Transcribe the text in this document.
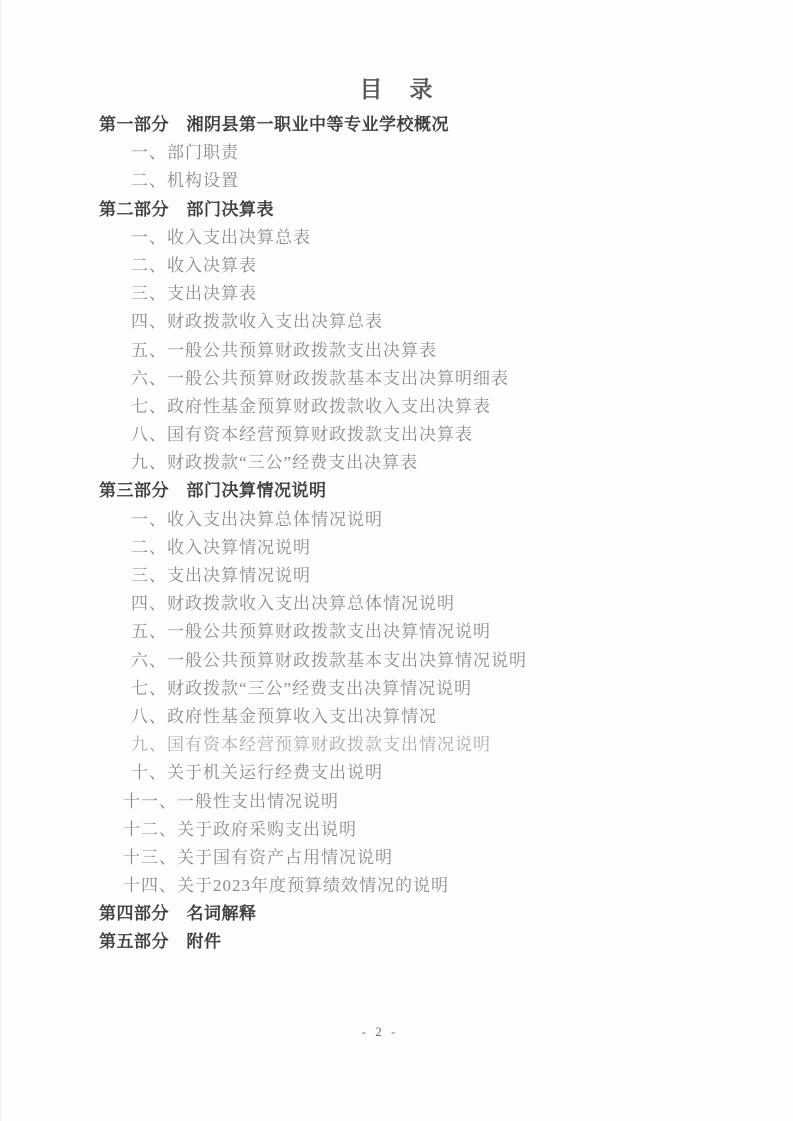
目　录
第一部分　湘阴县第一职业中等专业学校概况
一、部门职责
二、机构设置
第二部分　部门决算表
一、收入支出决算总表
二、收入决算表
三、支出决算表
四、财政拨款收入支出决算总表
五、一般公共预算财政拨款支出决算表
六、一般公共预算财政拨款基本支出决算明细表
七、政府性基金预算财政拨款收入支出决算表
八、国有资本经营预算财政拨款支出决算表
九、财政拨款“三公”经费支出决算表
第三部分　部门决算情况说明
一、收入支出决算总体情况说明
二、收入决算情况说明
三、支出决算情况说明
四、财政拨款收入支出决算总体情况说明
五、一般公共预算财政拨款支出决算情况说明
六、一般公共预算财政拨款基本支出决算情况说明
七、财政拨款“三公”经费支出决算情况说明
八、政府性基金预算收入支出决算情况
九、国有资本经营预算财政拨款支出情况说明
十、关于机关运行经费支出说明
十一、一般性支出情况说明
十二、关于政府采购支出说明
十三、关于国有资产占用情况说明
十四、关于2023年度预算绩效情况的说明
第四部分　名词解释
第五部分　附件
- 2 -
